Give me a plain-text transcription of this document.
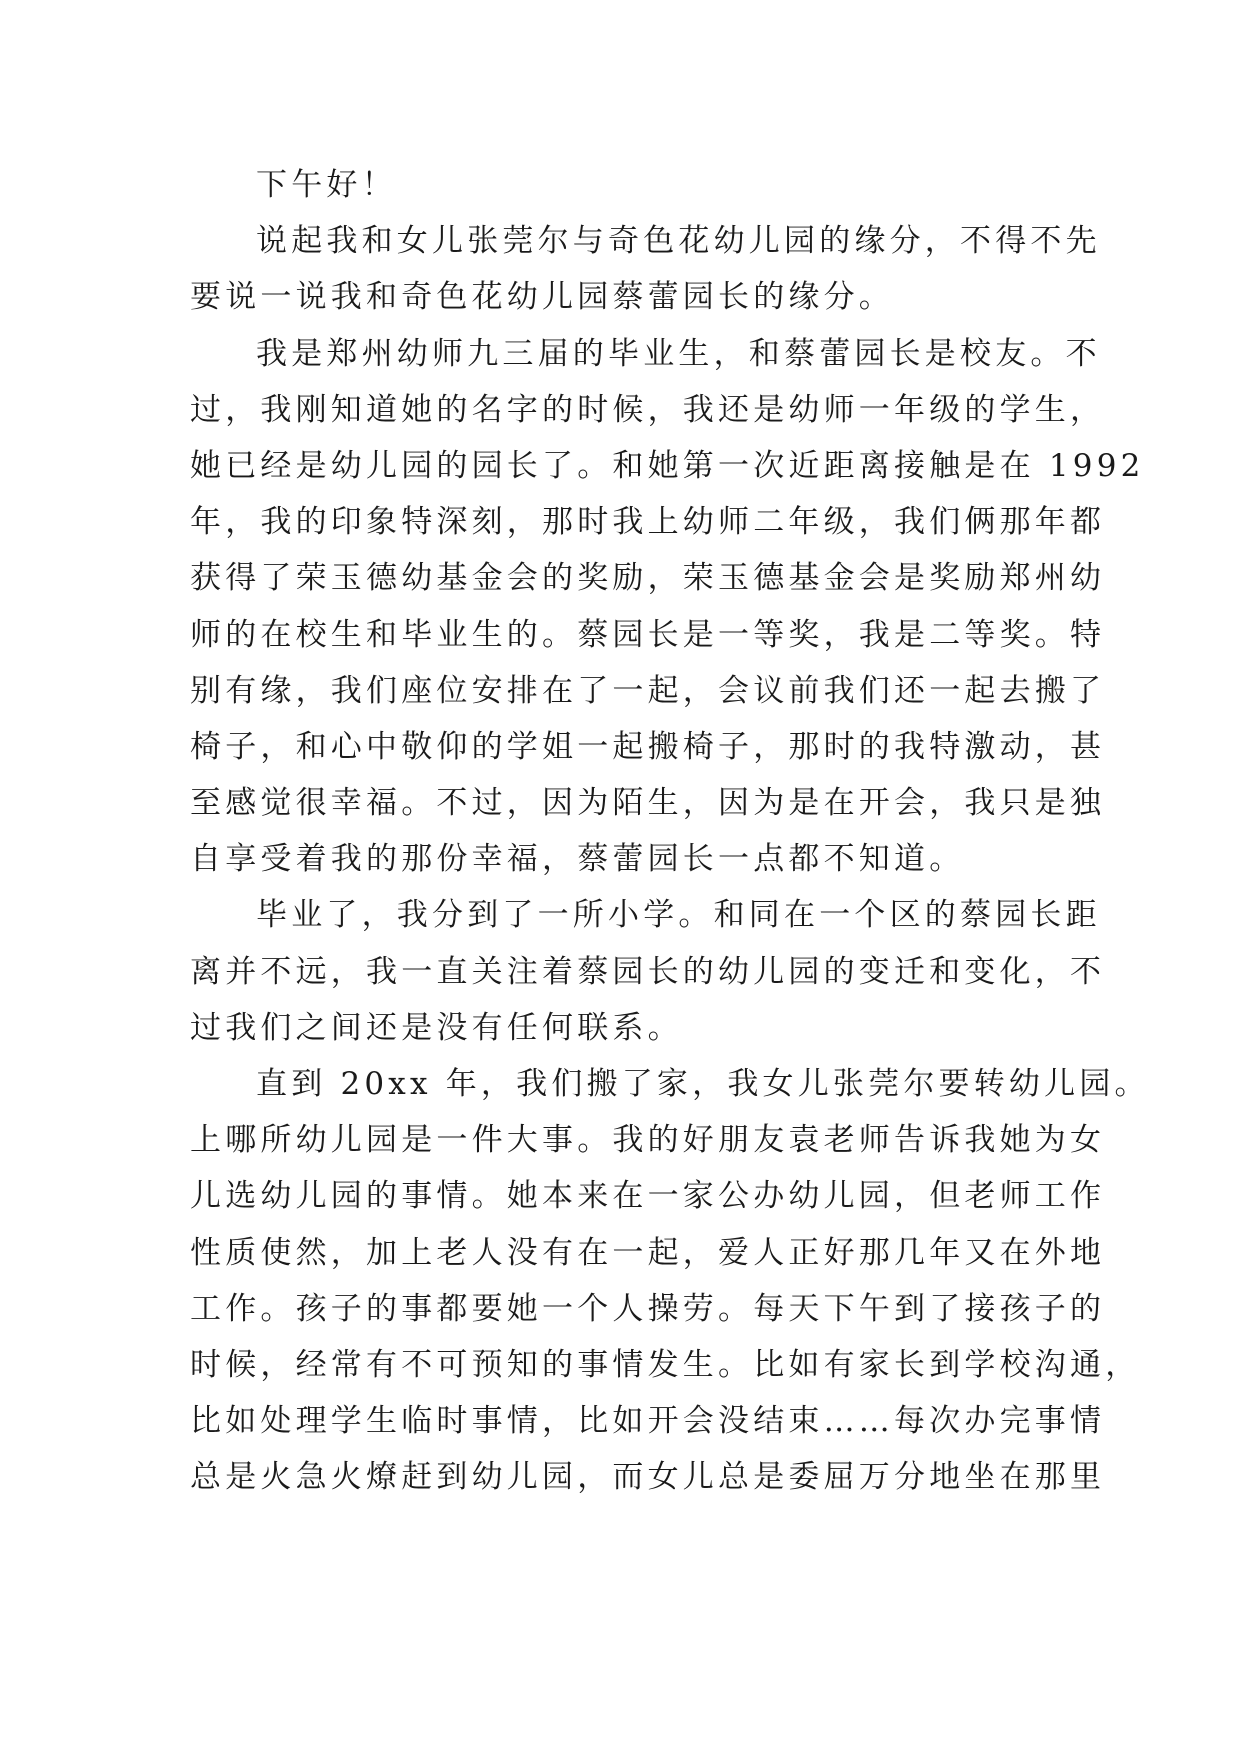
下午好！
说起我和女儿张莞尔与奇色花幼儿园的缘分，不得不先
要说一说我和奇色花幼儿园蔡蕾园长的缘分。
我是郑州幼师九三届的毕业生，和蔡蕾园长是校友。不
过，我刚知道她的名字的时候，我还是幼师一年级的学生，
她已经是幼儿园的园长了。和她第一次近距离接触是在 1992
年，我的印象特深刻，那时我上幼师二年级，我们俩那年都
获得了荣玉德幼基金会的奖励，荣玉德基金会是奖励郑州幼
师的在校生和毕业生的。蔡园长是一等奖，我是二等奖。特
别有缘，我们座位安排在了一起，会议前我们还一起去搬了
椅子，和心中敬仰的学姐一起搬椅子，那时的我特激动，甚
至感觉很幸福。不过，因为陌生，因为是在开会，我只是独
自享受着我的那份幸福，蔡蕾园长一点都不知道。
毕业了，我分到了一所小学。和同在一个区的蔡园长距
离并不远，我一直关注着蔡园长的幼儿园的变迁和变化，不
过我们之间还是没有任何联系。
直到 20xx 年，我们搬了家，我女儿张莞尔要转幼儿园。
上哪所幼儿园是一件大事。我的好朋友袁老师告诉我她为女
儿选幼儿园的事情。她本来在一家公办幼儿园，但老师工作
性质使然，加上老人没有在一起，爱人正好那几年又在外地
工作。孩子的事都要她一个人操劳。每天下午到了接孩子的
时候，经常有不可预知的事情发生。比如有家长到学校沟通，
比如处理学生临时事情，比如开会没结束……每次办完事情
总是火急火燎赶到幼儿园，而女儿总是委屈万分地坐在那里
